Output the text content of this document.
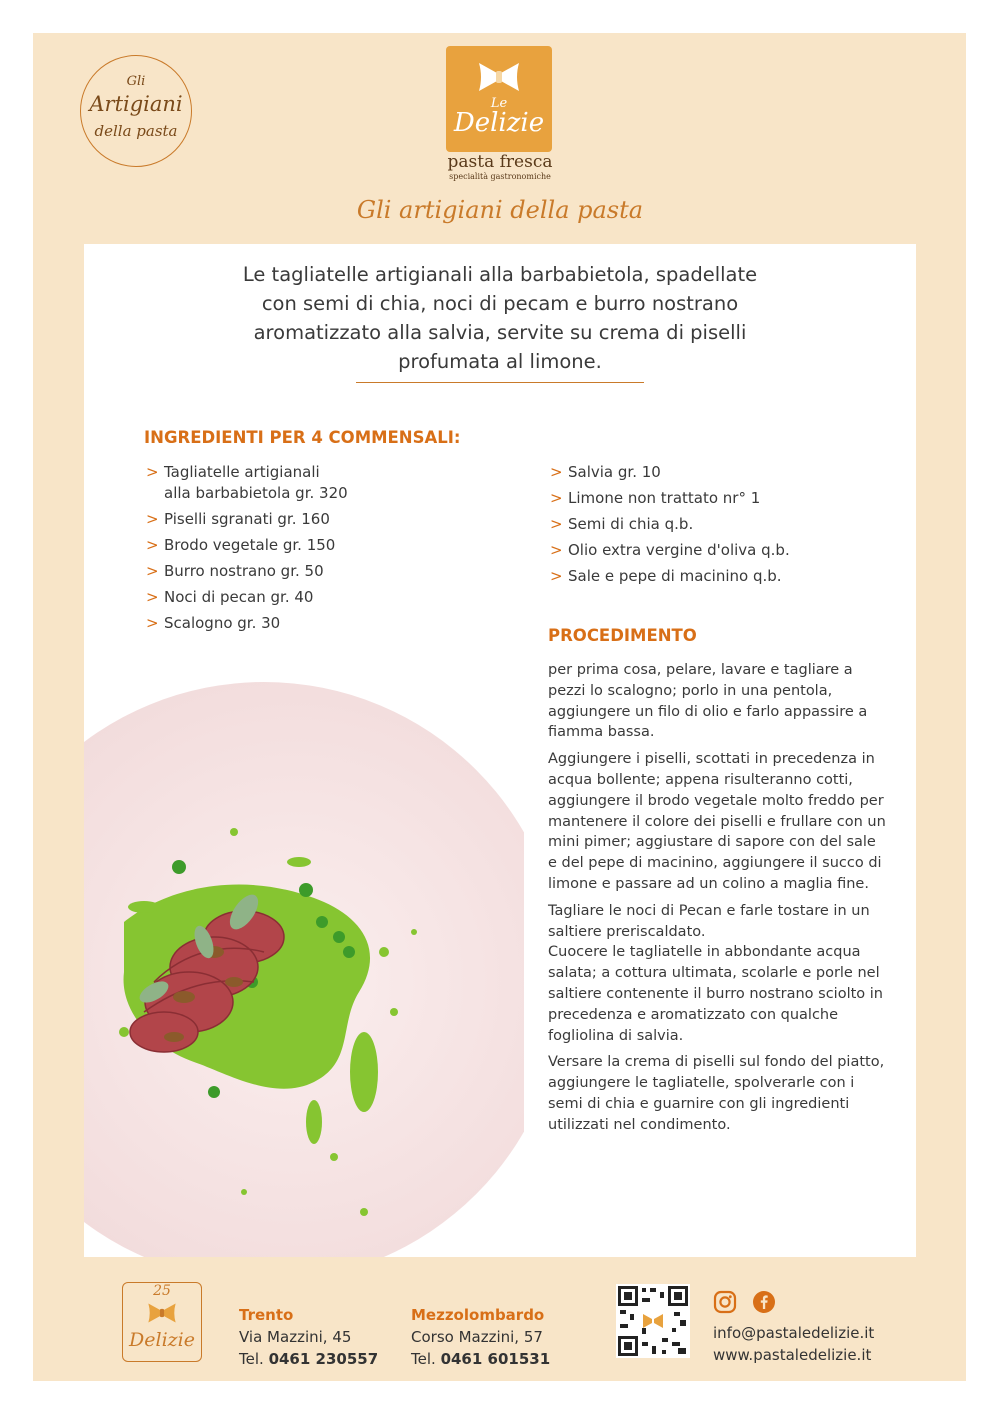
Gli
Artigiani
della pasta
Le
Delizie
pasta fresca
specialità gastronomiche
Gli artigiani della pasta
Le tagliatelle artigianali alla barbabietola, spadellate con semi di chia, noci di pecam e burro nostrano aromatizzato alla salvia, servite su crema di piselli profumata al limone.
INGREDIENTI PER 4 COMMENSALI:
> Tagliatelle artigianali
alla barbabietola gr. 320
> Piselli sgranati gr. 160
> Brodo vegetale gr. 150
> Burro nostrano gr. 50
> Noci di pecan gr. 40
> Scalogno gr. 30
> Salvia gr. 10
> Limone non trattato nr° 1
> Semi di chia q.b.
> Olio extra vergine d'oliva q.b.
> Sale e pepe di macinino q.b.
PROCEDIMENTO

per prima cosa, pelare, lavare e tagliare a pezzi lo scalogno; porlo in una pentola, aggiungere un filo di olio e farlo appassire a fiamma bassa.

Aggiungere i piselli, scottati in precedenza in acqua bollente; appena risulteranno cotti, aggiungere il brodo vegetale molto freddo per mantenere il colore dei piselli e frullare con un mini pimer; aggiustare di sapore con del sale e del pepe di macinino, aggiungere il succo di limone e passare ad un colino a maglia fine.

Tagliare le noci di Pecan e farle tostare in un saltiere preriscaldato.
Cuocere le tagliatelle in abbondante acqua salata; a cottura ultimata, scolarle e porle nel saltiere contenente il burro nostrano sciolto in precedenza e aromatizzato con qualche fogliolina di salvia.

Versare la crema di piselli sul fondo del piatto, aggiungere le tagliatelle, spolverarle con i semi di chia e guarnire con gli ingredienti utilizzati nel condimento.

25
Delizie
Trento
Via Mazzini, 45
Tel. 0461 230557
Mezzolombardo
Corso Mazzini, 57
Tel. 0461 601531
info@pastaledelizie.it
www.pastaledelizie.it
